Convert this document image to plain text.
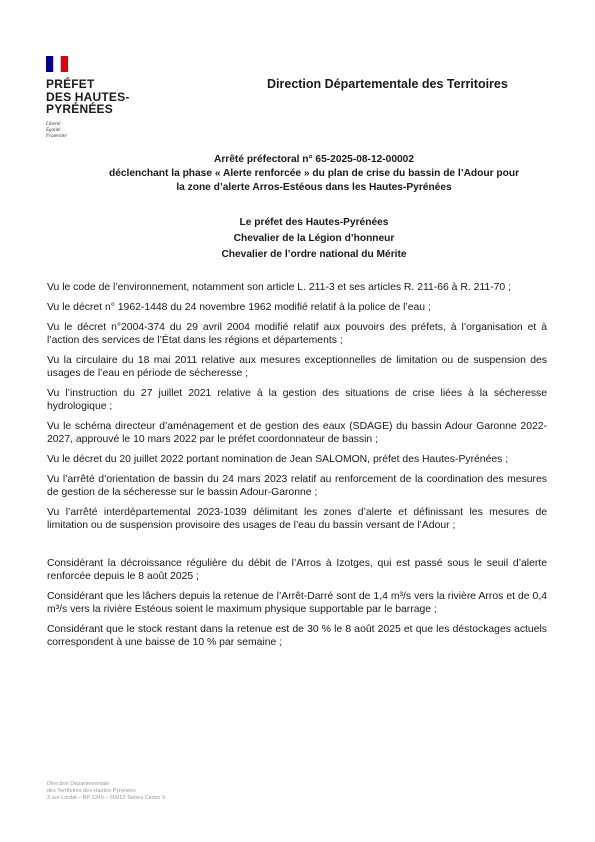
PRÉFET
DES HAUTES-
PYRÉNÉES
Liberté
Égalité
Fraternité
Direction Départementale des Territoires
Arrêté préfectoral n° 65-2025-08-12-00002
déclenchant la phase « Alerte renforcée » du plan de crise du bassin de l’Adour pour
la zone d’alerte Arros-Estéous dans les Hautes-Pyrénées
Le préfet des Hautes-Pyrénées
Chevalier de la Légion d’honneur
Chevalier de l’ordre national du Mérite

Vu le code de l’environnement, notamment son article L. 211-3 et ses articles R. 211-66 à R. 211-70 ;

Vu le décret n° 1962-1448 du 24 novembre 1962 modifié relatif à la police de l’eau ;

Vu le décret n°2004-374 du 29 avril 2004 modifié relatif aux pouvoirs des préfets, à l’organisation et à l’action des services de l’État dans les régions et départements ;

Vu la circulaire du 18 mai 2011 relative aux mesures exceptionnelles de limitation ou de suspension des usages de l’eau en période de sécheresse ;

Vu l’instruction du 27 juillet 2021 relative à la gestion des situations de crise liées à la sécheresse hydrologique ;

Vu le schéma directeur d’aménagement et de gestion des eaux (SDAGE) du bassin Adour Garonne 2022-2027, approuvé le 10 mars 2022 par le préfet coordonnateur de bassin ;

Vu le décret du 20 juillet 2022 portant nomination de Jean SALOMON, préfet des Hautes-Pyrénées ;

Vu l’arrêté d’orientation de bassin du 24 mars 2023 relatif au renforcement de la coordination des mesures de gestion de la sécheresse sur le bassin Adour-Garonne ;

Vu l’arrêté interdépartemental 2023-1039 délimitant les zones d’alerte et définissant les mesures de limitation ou de suspension provisoire des usages de l’eau du bassin versant de l’Adour ;

Considérant la décroissance régulière du débit de l’Arros à Izotges, qui est passé sous le seuil d’alerte renforcée depuis le 8 août 2025 ;

Considérant que les lâchers depuis la retenue de l’Arrêt-Darré sont de 1,4 m³/s vers la rivière Arros et de 0,4 m³/s vers la rivière Estéous soient le maximum physique supportable par le barrage ;

Considérant que le stock restant dans la retenue est de 30 % le 8 août 2025 et que les déstockages actuels correspondent à une baisse de 10 % par semaine ;

Direction Départementale
des Territoires des Hautes-Pyrénées
3 rue Lordat – BP 1349 – 65013 Tarbes Cedex 9
